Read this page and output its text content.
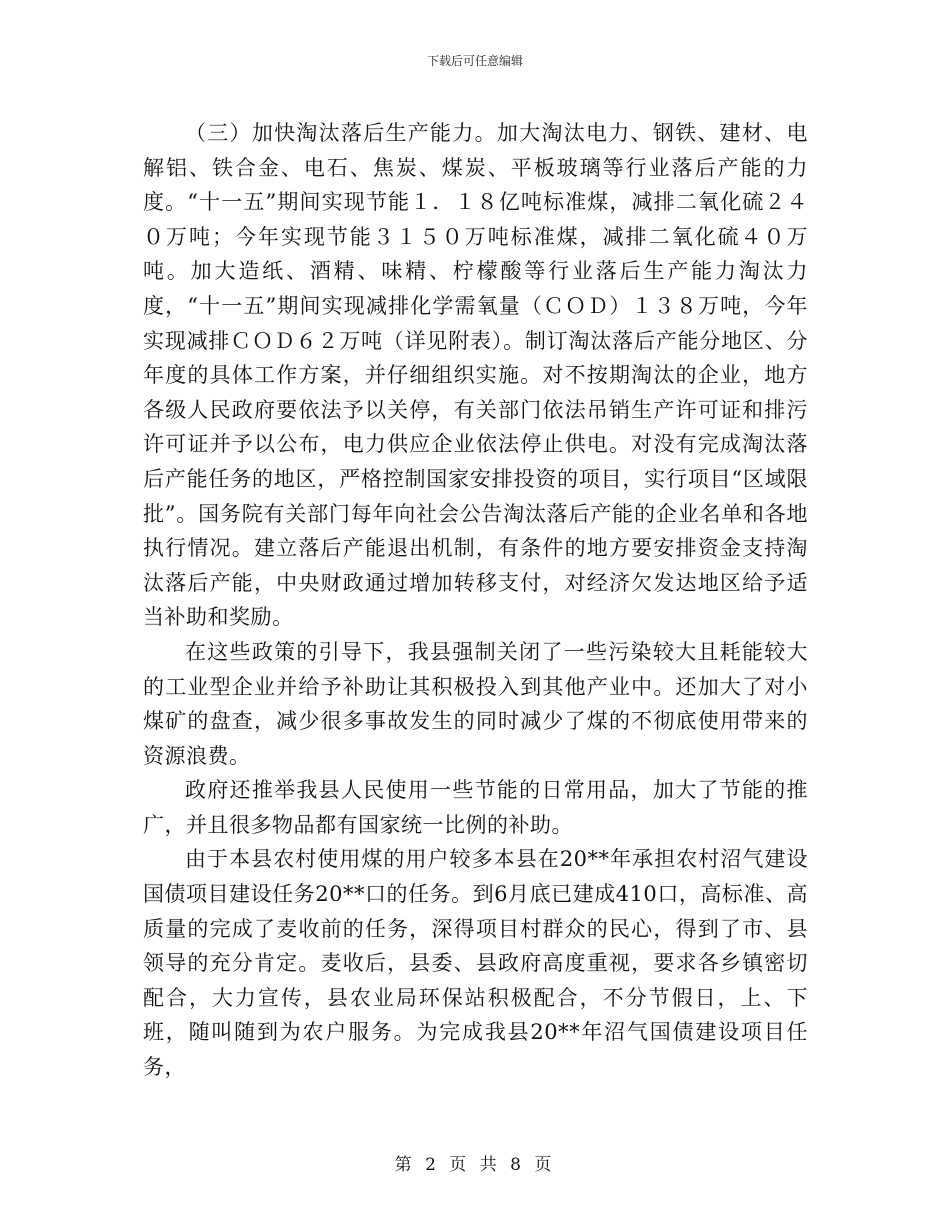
下载后可任意编辑

（三）加快淘汰落后生产能力。加大淘汰电力、钢铁、建材、电解铝、铁合金、电石、焦炭、煤炭、平板玻璃等行业落后产能的力度。“十一五”期间实现节能１．１８亿吨标准煤，减排二氧化硫２４０万吨；今年实现节能３１５０万吨标准煤，减排二氧化硫４０万吨。加大造纸、酒精、味精、柠檬酸等行业落后生产能力淘汰力度，“十一五”期间实现减排化学需氧量（ＣＯＤ）１３８万吨，今年实现减排ＣＯＤ６２万吨（详见附表）。制订淘汰落后产能分地区、分年度的具体工作方案，并仔细组织实施。对不按期淘汰的企业，地方各级人民政府要依法予以关停，有关部门依法吊销生产许可证和排污许可证并予以公布，电力供应企业依法停止供电。对没有完成淘汰落后产能任务的地区，严格控制国家安排投资的项目，实行项目“区域限批”。国务院有关部门每年向社会公告淘汰落后产能的企业名单和各地执行情况。建立落后产能退出机制，有条件的地方要安排资金支持淘汰落后产能，中央财政通过增加转移支付，对经济欠发达地区给予适当补助和奖励。

在这些政策的引导下，我县强制关闭了一些污染较大且耗能较大的工业型企业并给予补助让其积极投入到其他产业中。还加大了对小煤矿的盘查，减少很多事故发生的同时减少了煤的不彻底使用带来的资源浪费。

政府还推举我县人民使用一些节能的日常用品，加大了节能的推广，并且很多物品都有国家统一比例的补助。

由于本县农村使用煤的用户较多本县在20**年承担农村沼气建设国债项目建设任务20**口的任务。到6月底已建成410口，高标准、高质量的完成了麦收前的任务，深得项目村群众的民心，得到了市、县领导的充分肯定。麦收后，县委、县政府高度重视，要求各乡镇密切配合，大力宣传，县农业局环保站积极配合，不分节假日，上、下班，随叫随到为农户服务。为完成我县20**年沼气国债建设项目任务，

第 2 页 共 8 页
